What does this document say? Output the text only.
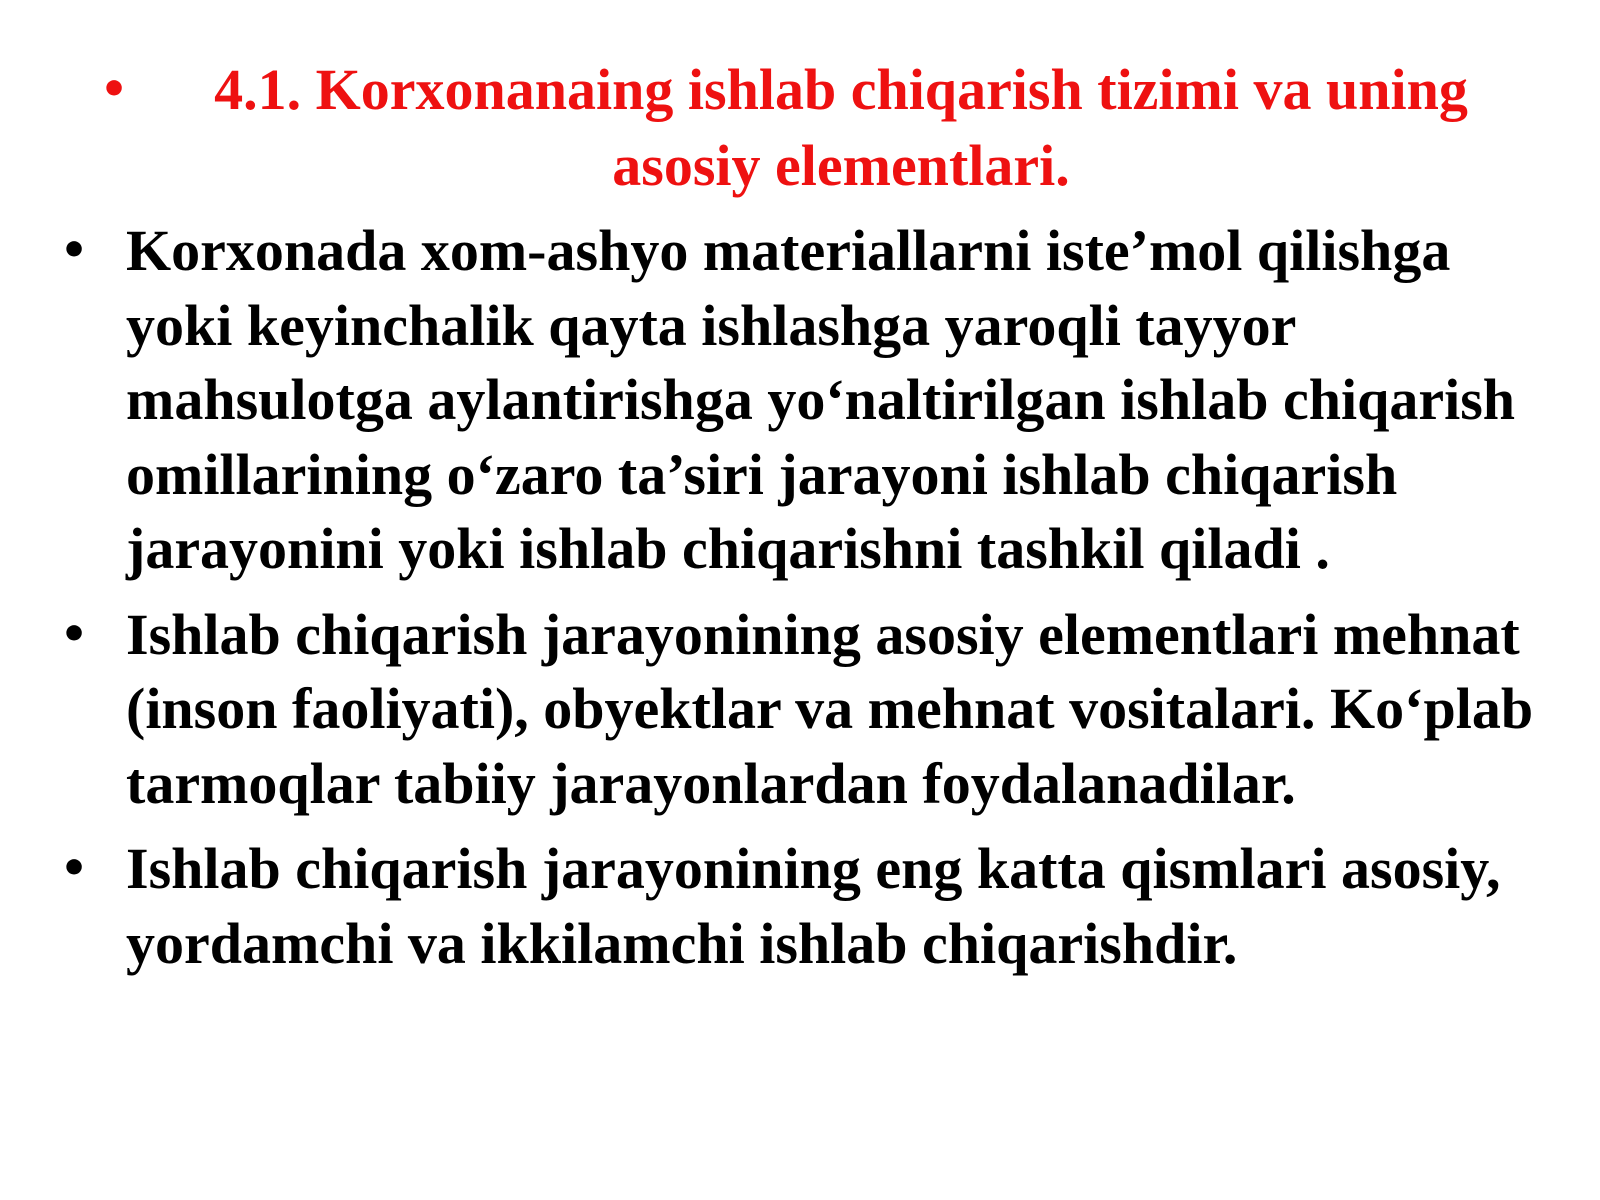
•	4.1. Korxonanaing ishlab chiqarish tizimi va uning asosiy elementlari.
• Korxonada xom-ashyo materiallarni iste’mol qilishga yoki keyinchalik qayta ishlashga yaroqli tayyor mahsulotga aylantirishga yo‘naltirilgan ishlab chiqarish omillarining o‘zaro ta’siri jarayoni ishlab chiqarish jarayonini yoki ishlab chiqarishni tashkil qiladi .
• Ishlab chiqarish jarayonining asosiy elementlari mehnat (inson faoliyati), obyektlar va mehnat vositalari. Ko‘plab tarmoqlar tabiiy jarayonlardan foydalanadilar.
• Ishlab chiqarish jarayonining eng katta qismlari asosiy, yordamchi va ikkilamchi ishlab chiqarishdir.
